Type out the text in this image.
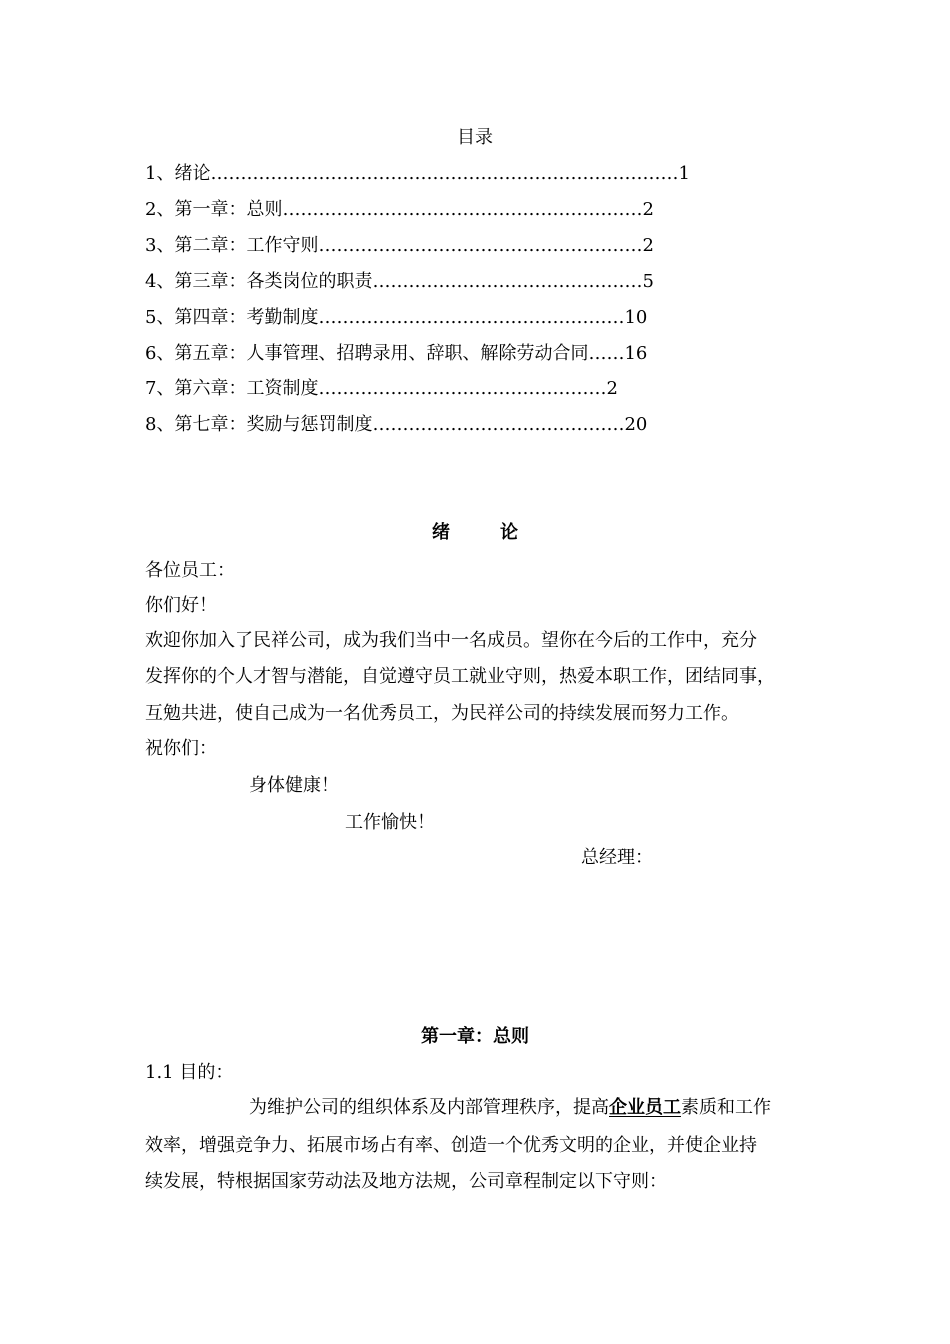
目录
1、绪论……………………………………………………………………1
2、第一章：总则……………………………………………………2
3、第二章：工作守则………………………………………………2
4、第三章：各类岗位的职责………………………………………5
5、第四章：考勤制度……………………………………………10
6、第五章：人事管理、招聘录用、辞职、解除劳动合同……16
7、第六章：工资制度…………………………………………2
8、第七章：奖励与惩罚制度……………………………………20
绪	论
各位员工：
你们好！
欢迎你加入了民祥公司，成为我们当中一名成员。望你在今后的工作中，充分
发挥你的个人才智与潜能，自觉遵守员工就业守则，热爱本职工作，团结同事，
互勉共进，使自己成为一名优秀员工，为民祥公司的持续发展而努力工作。
祝你们：
身体健康！
工作愉快！
总经理：
第一章：总则
1.1 目的：
为维护公司的组织体系及内部管理秩序，提高企业员工素质和工作
效率，增强竞争力、拓展市场占有率、创造一个优秀文明的企业，并使企业持
续发展，特根据国家劳动法及地方法规，公司章程制定以下守则：
